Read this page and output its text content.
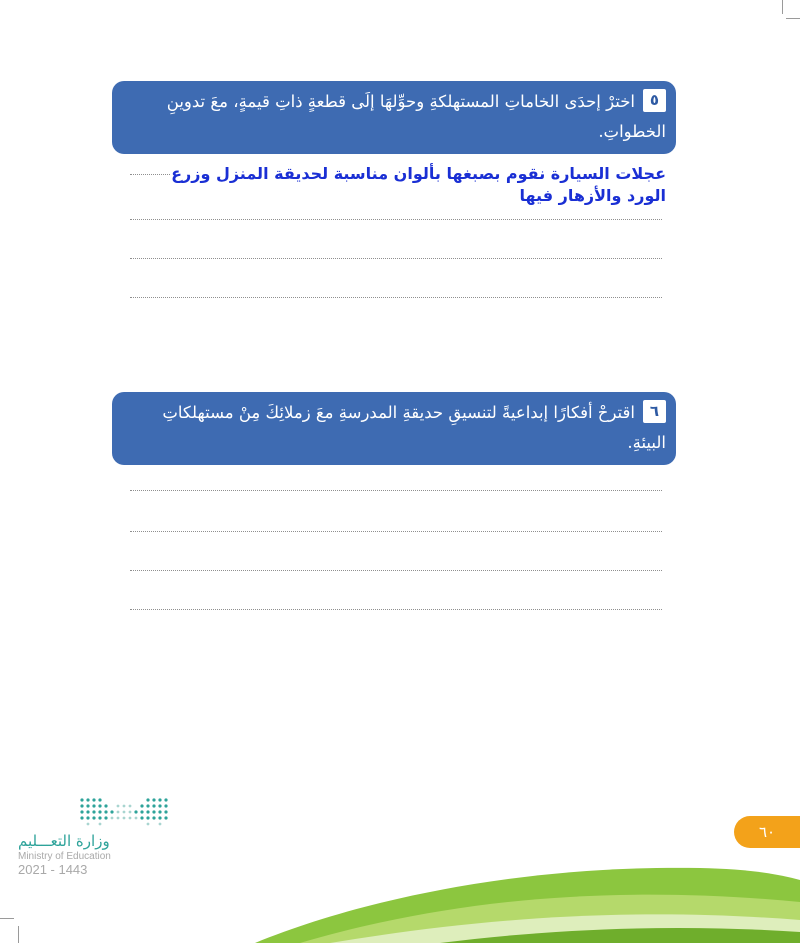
٥اخترْ إحدَى الخاماتِ المستهلكةِ وحوِّلهَا إلَى قطعةٍ ذاتِ قيمةٍ، معَ تدوينِ الخطواتِ.
عجلات السيارة نقوم بصبغها بألوان مناسبة لحديقة المنزل وزرع الورد والأزهار فيها
٦اقترحْ أفكارًا إبداعيةً لتنسيقِ حديقةِ المدرسةِ معَ زملائِكَ مِنْ مستهلكاتِ البيئةِ.
وزارة التعـــليم
Ministry of Education
2021 - 1443
٦٠
